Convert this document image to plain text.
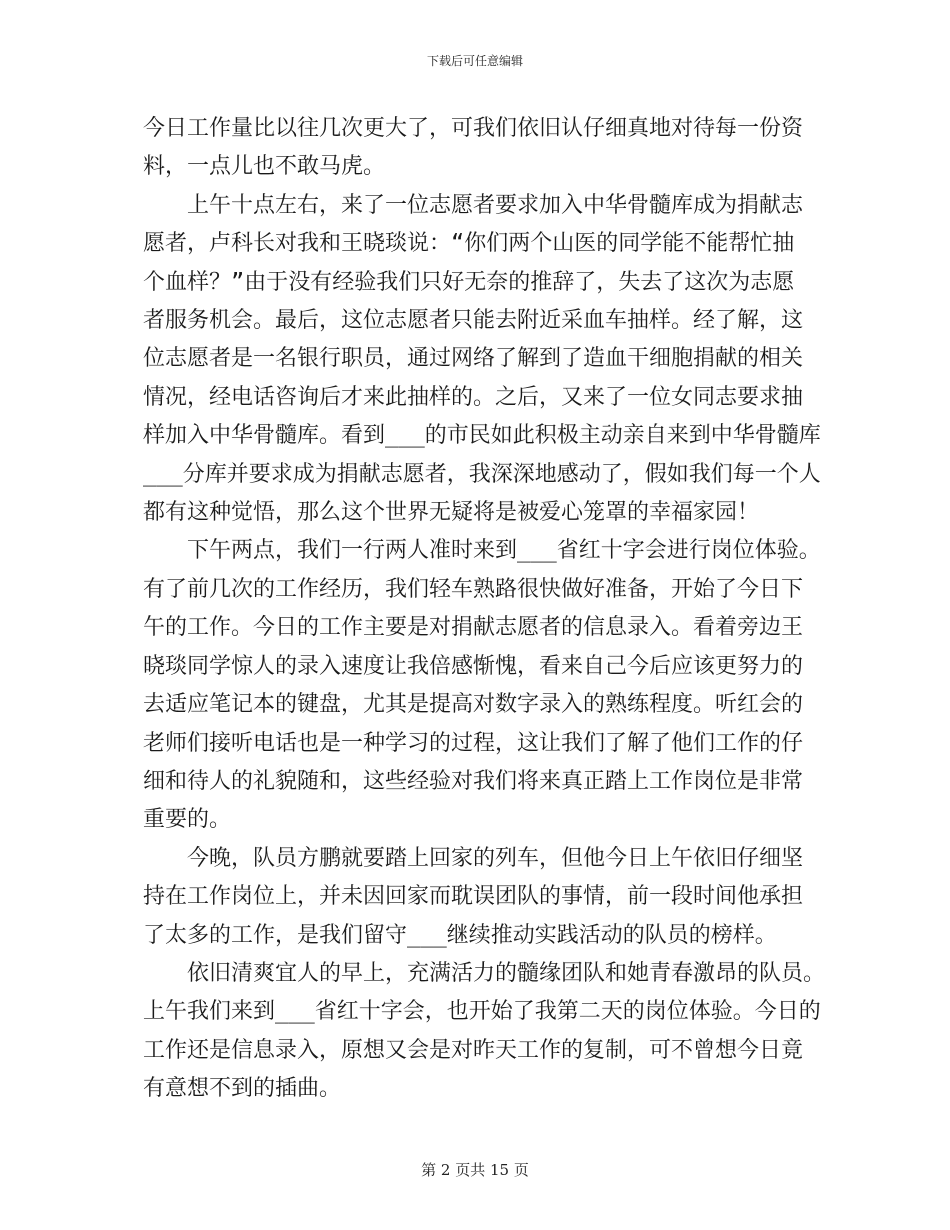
下载后可任意编辑
今日工作量比以往几次更大了，可我们依旧认仔细真地对待每一份资
料，一点儿也不敢马虎。
　　上午十点左右，来了一位志愿者要求加入中华骨髓库成为捐献志
愿者，卢科长对我和王晓琰说：“你们两个山医的同学能不能帮忙抽
个血样？”由于没有经验我们只好无奈的推辞了，失去了这次为志愿
者服务机会。最后，这位志愿者只能去附近采血车抽样。经了解，这
位志愿者是一名银行职员，通过网络了解到了造血干细胞捐献的相关
情况，经电话咨询后才来此抽样的。之后，又来了一位女同志要求抽
样加入中华骨髓库。看到___的市民如此积极主动亲自来到中华骨髓库
___分库并要求成为捐献志愿者，我深深地感动了，假如我们每一个人
都有这种觉悟，那么这个世界无疑将是被爱心笼罩的幸福家园！
　　下午两点，我们一行两人准时来到___省红十字会进行岗位体验。
有了前几次的工作经历，我们轻车熟路很快做好准备，开始了今日下
午的工作。今日的工作主要是对捐献志愿者的信息录入。看着旁边王
晓琰同学惊人的录入速度让我倍感惭愧，看来自己今后应该更努力的
去适应笔记本的键盘，尤其是提高对数字录入的熟练程度。听红会的
老师们接听电话也是一种学习的过程，这让我们了解了他们工作的仔
细和待人的礼貌随和，这些经验对我们将来真正踏上工作岗位是非常
重要的。
　　今晚，队员方鹏就要踏上回家的列车，但他今日上午依旧仔细坚
持在工作岗位上，并未因回家而耽误团队的事情，前一段时间他承担
了太多的工作，是我们留守___继续推动实践活动的队员的榜样。
　　依旧清爽宜人的早上，充满活力的髓缘团队和她青春激昂的队员。
上午我们来到___省红十字会，也开始了我第二天的岗位体验。今日的
工作还是信息录入，原想又会是对昨天工作的复制，可不曾想今日竟
有意想不到的插曲。
第 2 页共 15 页
